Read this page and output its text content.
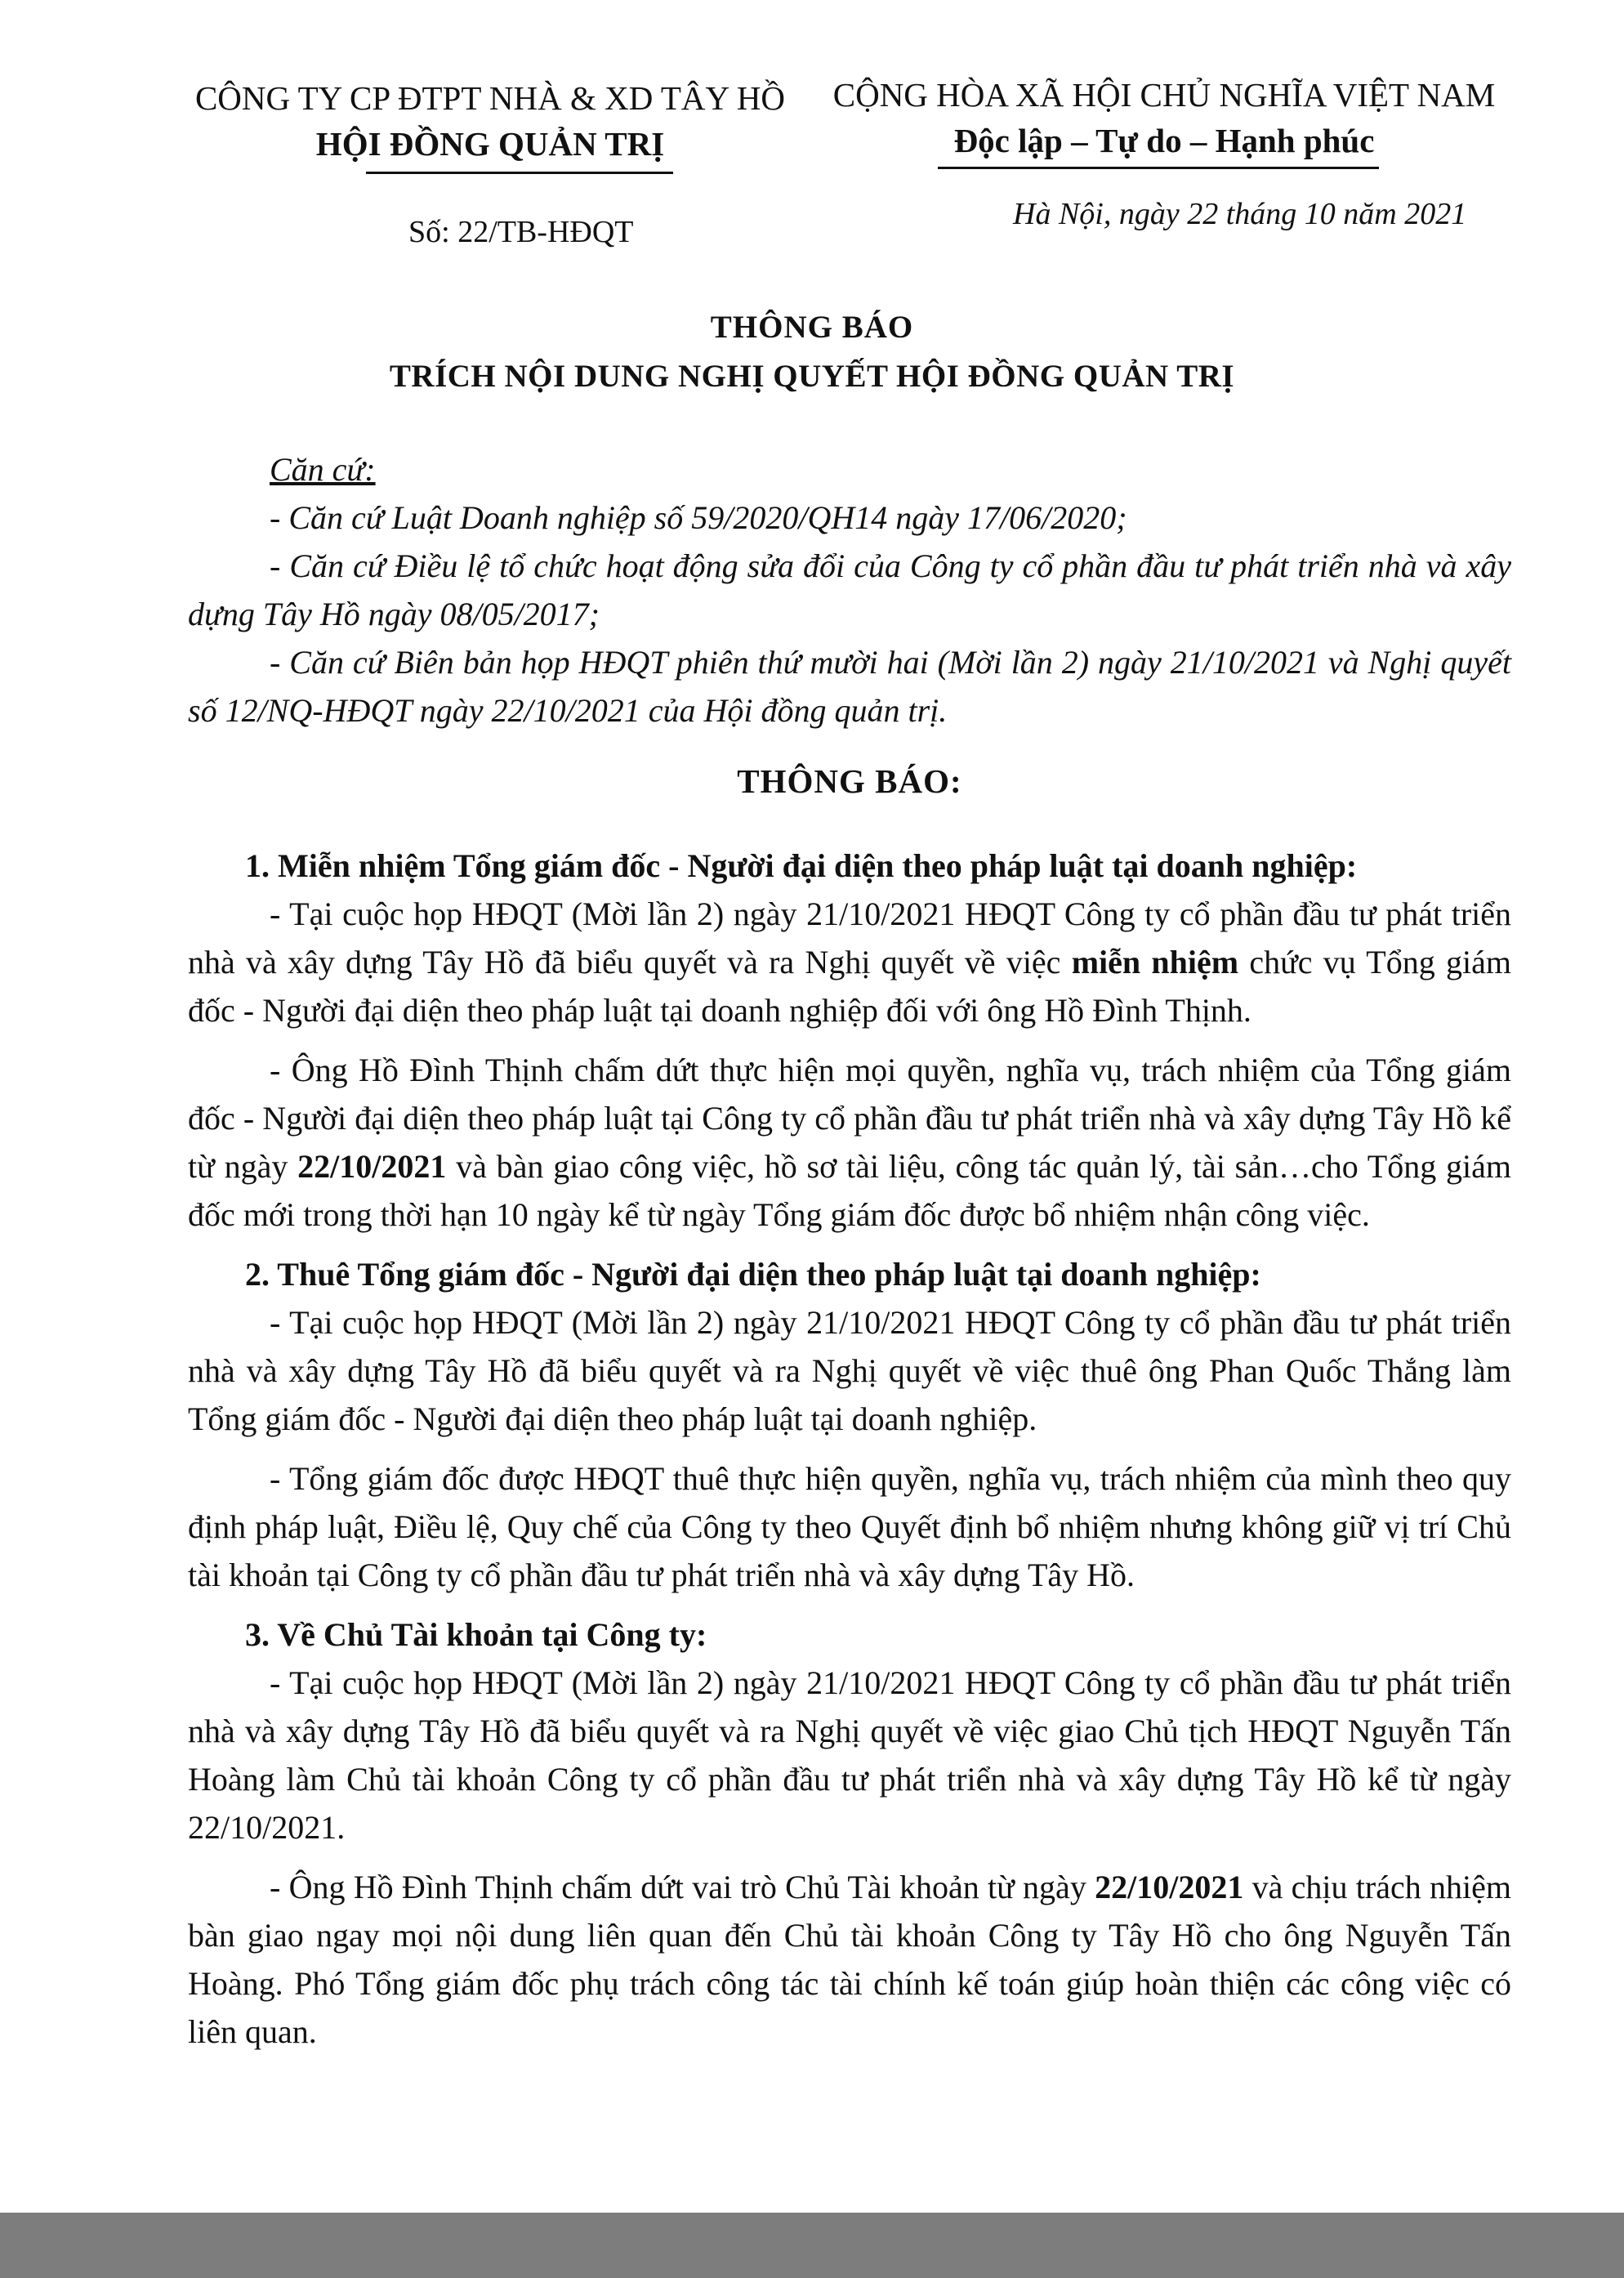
CÔNG TY CP ĐTPT NHÀ & XD TÂY HỒ
HỘI ĐỒNG QUẢN TRỊ
CỘNG HÒA XÃ HỘI CHỦ NGHĨA VIỆT NAM
Độc lập – Tự do – Hạnh phúc
Số: 22/TB-HĐQT
Hà Nội, ngày 22 tháng 10 năm 2021
THÔNG BÁO
TRÍCH NỘI DUNG NGHỊ QUYẾT HỘI ĐỒNG QUẢN TRỊ

Căn cứ:

- Căn cứ Luật Doanh nghiệp số 59/2020/QH14 ngày 17/06/2020;

- Căn cứ Điều lệ tổ chức hoạt động sửa đổi của Công ty cổ phần đầu tư phát triển nhà và xây dựng Tây Hồ ngày 08/05/2017;

- Căn cứ Biên bản họp HĐQT phiên thứ mười hai (Mời lần 2) ngày 21/10/2021 và Nghị quyết số 12/NQ-HĐQT ngày 22/10/2021 của Hội đồng quản trị.

THÔNG BÁO:

1. Miễn nhiệm Tổng giám đốc - Người đại diện theo pháp luật tại doanh nghiệp:

- Tại cuộc họp HĐQT (Mời lần 2) ngày 21/10/2021 HĐQT Công ty cổ phần đầu tư phát triển nhà và xây dựng Tây Hồ đã biểu quyết và ra Nghị quyết về việc miễn nhiệm chức vụ Tổng giám đốc - Người đại diện theo pháp luật tại doanh nghiệp đối với ông Hồ Đình Thịnh.

- Ông Hồ Đình Thịnh chấm dứt thực hiện mọi quyền, nghĩa vụ, trách nhiệm của Tổng giám đốc - Người đại diện theo pháp luật tại Công ty cổ phần đầu tư phát triển nhà và xây dựng Tây Hồ kể từ ngày 22/10/2021 và bàn giao công việc, hồ sơ tài liệu, công tác quản lý, tài sản…cho Tổng giám đốc mới trong thời hạn 10 ngày kể từ ngày Tổng giám đốc được bổ nhiệm nhận công việc.

2. Thuê Tổng giám đốc - Người đại diện theo pháp luật tại doanh nghiệp:

- Tại cuộc họp HĐQT (Mời lần 2) ngày 21/10/2021 HĐQT Công ty cổ phần đầu tư phát triển nhà và xây dựng Tây Hồ đã biểu quyết và ra Nghị quyết về việc thuê ông Phan Quốc Thắng làm Tổng giám đốc - Người đại diện theo pháp luật tại doanh nghiệp.

- Tổng giám đốc được HĐQT thuê thực hiện quyền, nghĩa vụ, trách nhiệm của mình theo quy định pháp luật, Điều lệ, Quy chế của Công ty theo Quyết định bổ nhiệm nhưng không giữ vị trí Chủ tài khoản tại Công ty cổ phần đầu tư phát triển nhà và xây dựng Tây Hồ.

3. Về Chủ Tài khoản tại Công ty:

- Tại cuộc họp HĐQT (Mời lần 2) ngày 21/10/2021 HĐQT Công ty cổ phần đầu tư phát triển nhà và xây dựng Tây Hồ đã biểu quyết và ra Nghị quyết về việc giao Chủ tịch HĐQT Nguyễn Tấn Hoàng làm Chủ tài khoản Công ty cổ phần đầu tư phát triển nhà và xây dựng Tây Hồ kể từ ngày 22/10/2021.

- Ông Hồ Đình Thịnh chấm dứt vai trò Chủ Tài khoản từ ngày 22/10/2021 và chịu trách nhiệm bàn giao ngay mọi nội dung liên quan đến Chủ tài khoản Công ty Tây Hồ cho ông Nguyễn Tấn Hoàng. Phó Tổng giám đốc phụ trách công tác tài chính kế toán giúp hoàn thiện các công việc có liên quan.
